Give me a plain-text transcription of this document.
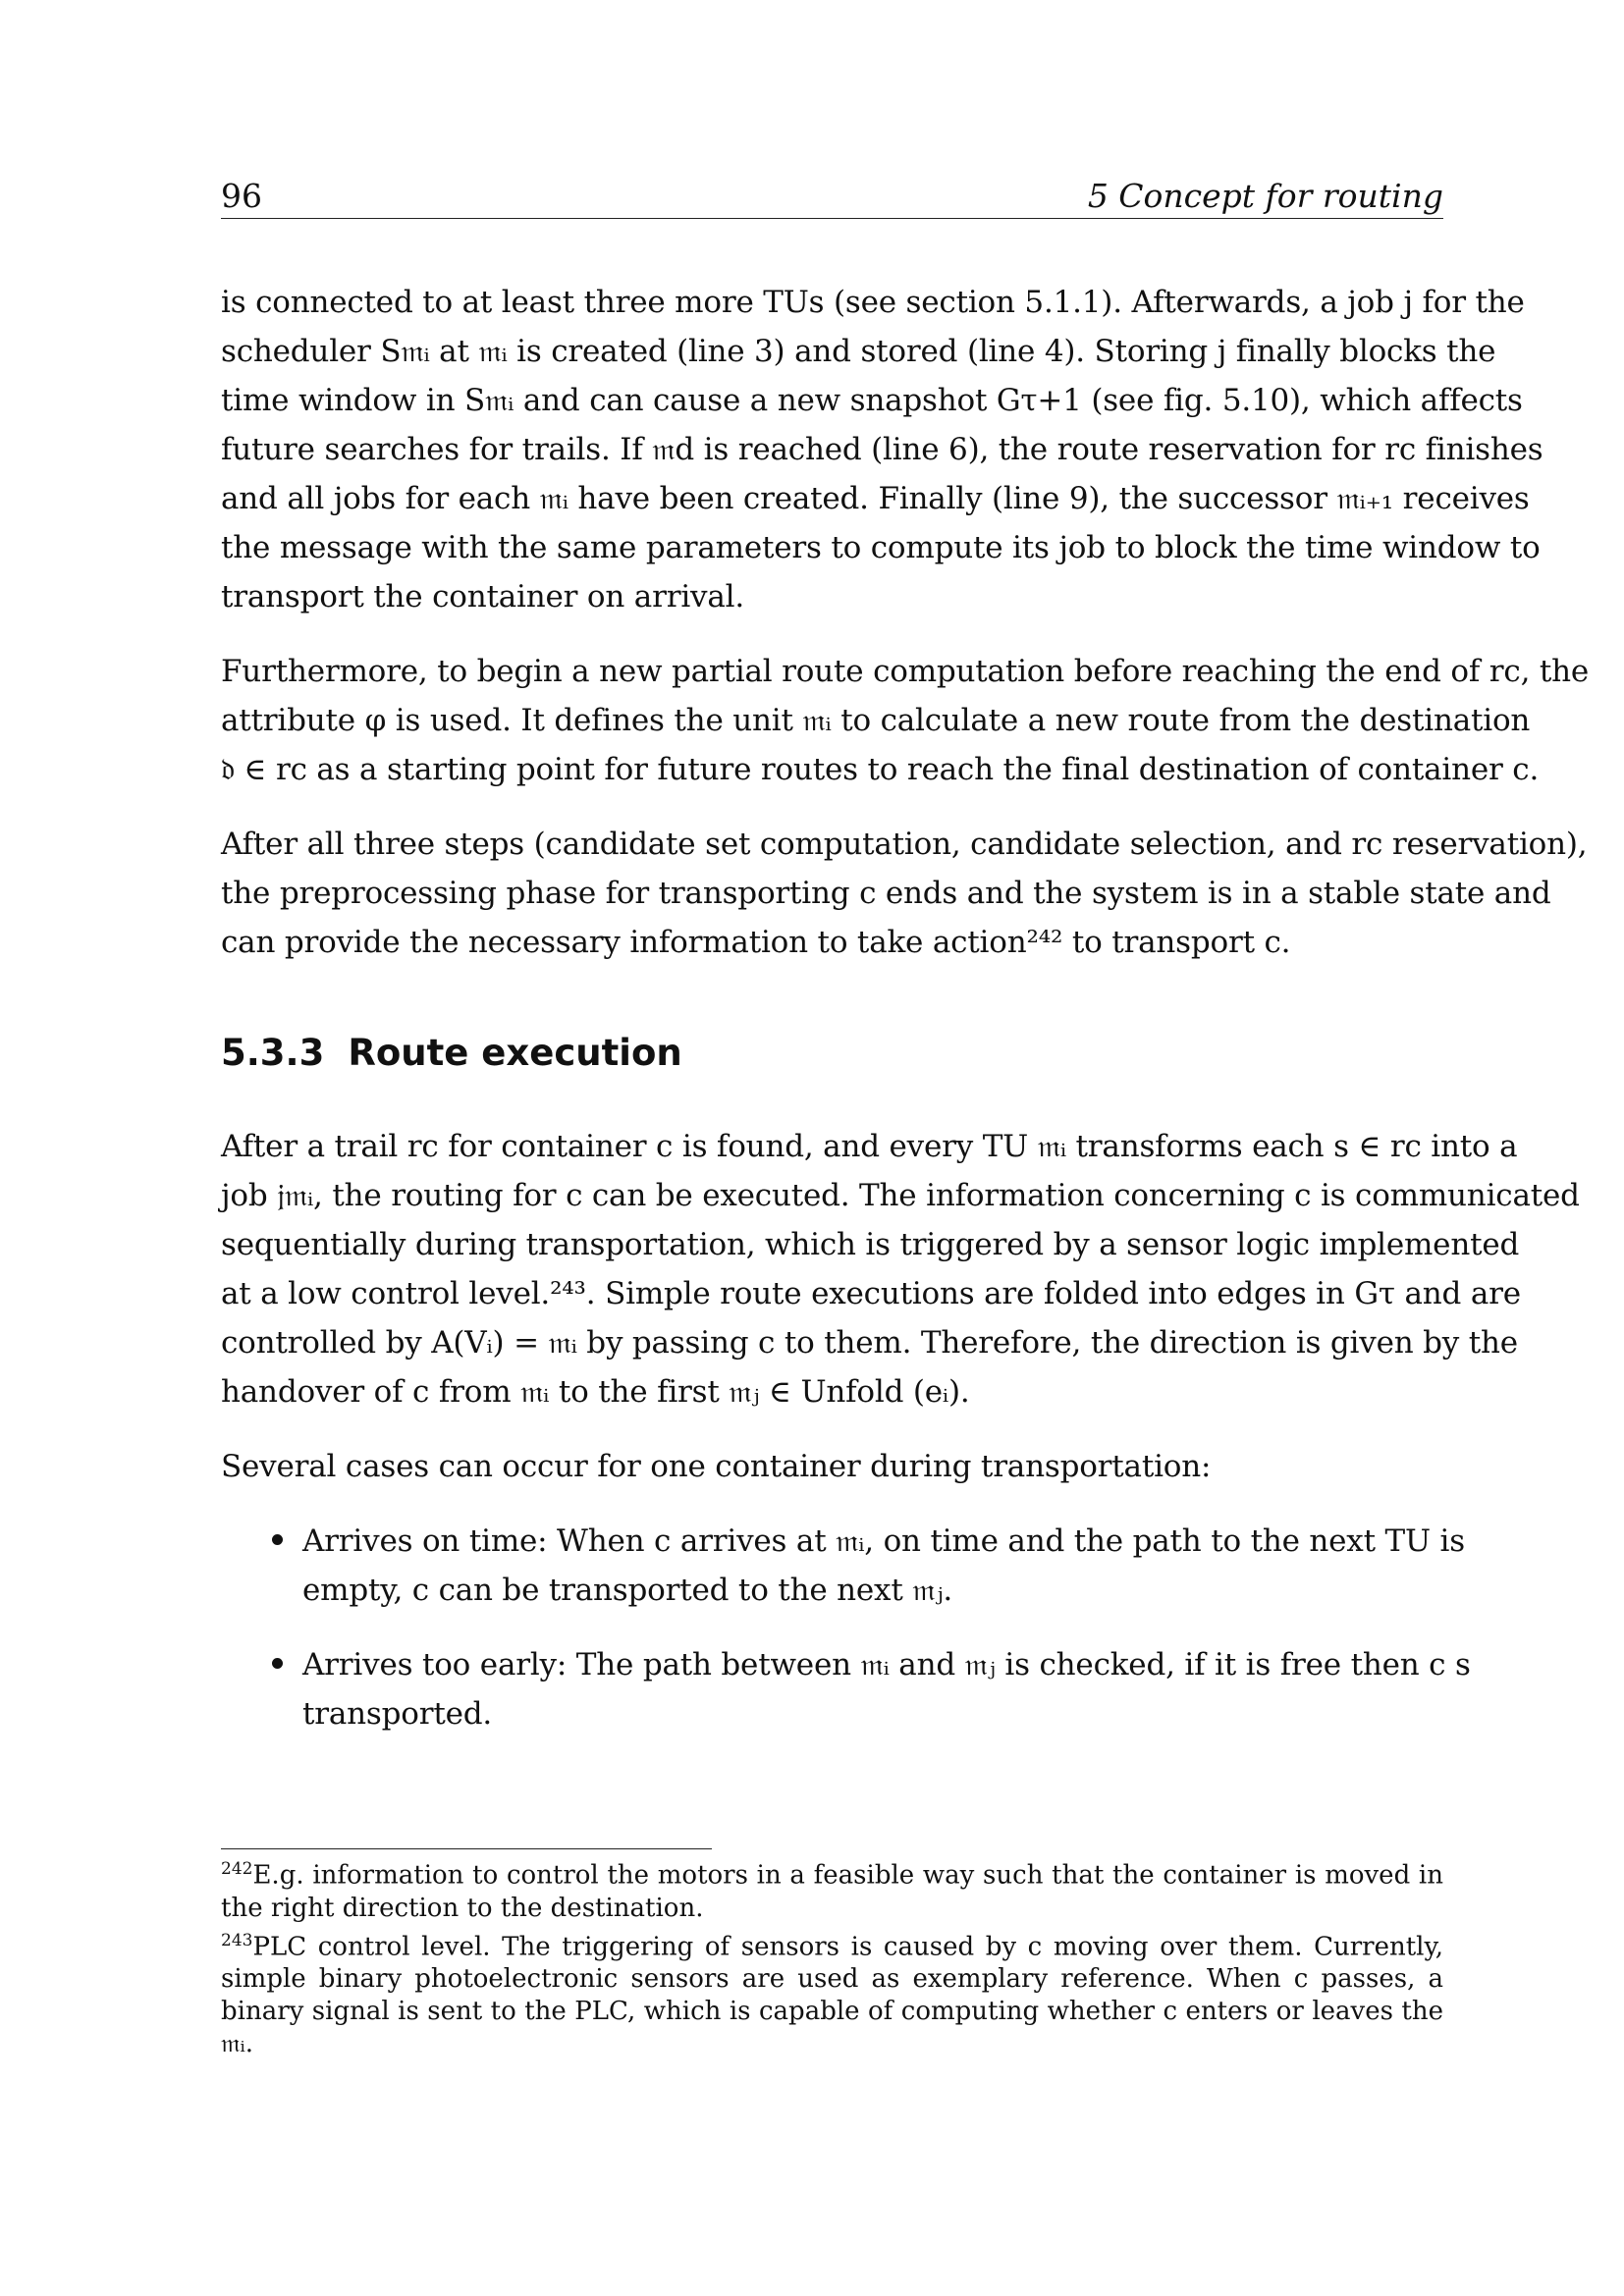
96	5 Concept for routing
is connected to at least three more TUs (see section 5.1.1). Afterwards, a job j for the
scheduler S𝔪ᵢ at 𝔪ᵢ is created (line 3) and stored (line 4). Storing j finally blocks the
time window in S𝔪ᵢ and can cause a new snapshot Gτ+1 (see fig. 5.10), which affects
future searches for trails. If 𝔪d is reached (line 6), the route reservation for rc finishes
and all jobs for each 𝔪ᵢ have been created. Finally (line 9), the successor 𝔪ᵢ₊₁ receives
the message with the same parameters to compute its job to block the time window to
transport the container on arrival.
Furthermore, to begin a new partial route computation before reaching the end of rc, the
attribute φ is used. It defines the unit 𝔪ᵢ to calculate a new route from the destination
𝔡 ∈ rc as a starting point for future routes to reach the final destination of container c.
After all three steps (candidate set computation, candidate selection, and rc reservation),
the preprocessing phase for transporting c ends and the system is in a stable state and
can provide the necessary information to take action²⁴² to transport c.
5.3.3 Route execution
After a trail rc for container c is found, and every TU 𝔪ᵢ transforms each s ∈ rc into a
job 𝔧𝔪ᵢ, the routing for c can be executed. The information concerning c is communicated
sequentially during transportation, which is triggered by a sensor logic implemented
at a low control level.²⁴³. Simple route executions are folded into edges in Gτ and are
controlled by A(Vᵢ) = 𝔪ᵢ by passing c to them. Therefore, the direction is given by the
handover of c from 𝔪ᵢ to the first 𝔪ⱼ ∈ Unfold (eᵢ).
Several cases can occur for one container during transportation:
Arrives on time: When c arrives at 𝔪ᵢ, on time and the path to the next TU is
empty, c can be transported to the next 𝔪ⱼ.
Arrives too early: The path between 𝔪ᵢ and 𝔪ⱼ is checked, if it is free then c s
transported.

$^{242}$E.g. information to control the motors in a feasible way such that the container is moved in the right direction to the destination.

$^{243}$PLC control level. The triggering of sensors is caused by c moving over them. Currently, simple binary photoelectronic sensors are used as exemplary reference. When c passes, a binary signal is sent to the PLC, which is capable of computing whether c enters or leaves the 𝔪ᵢ.
